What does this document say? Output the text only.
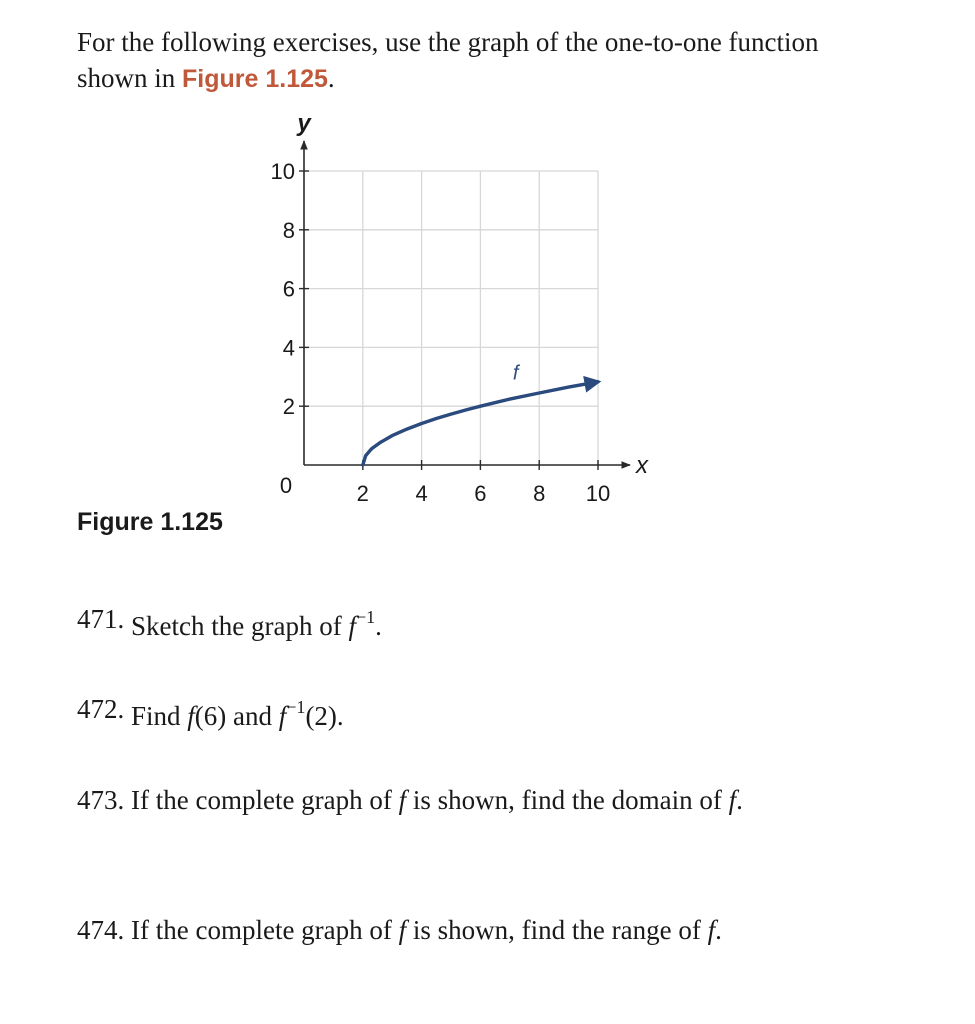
For the following exercises, use the graph of the one-to-one function shown in Figure 1.125.
2 4 6 8 10
2
4
6
8
10
0
x
y
f
Figure 1.125
471. Sketch the graph of $f^{-1}$.
472. Find f(6) and $f^{-1}(2)$.
473. If the complete graph of f is shown, find the domain of f.
474. If the complete graph of f is shown, find the range of f.
